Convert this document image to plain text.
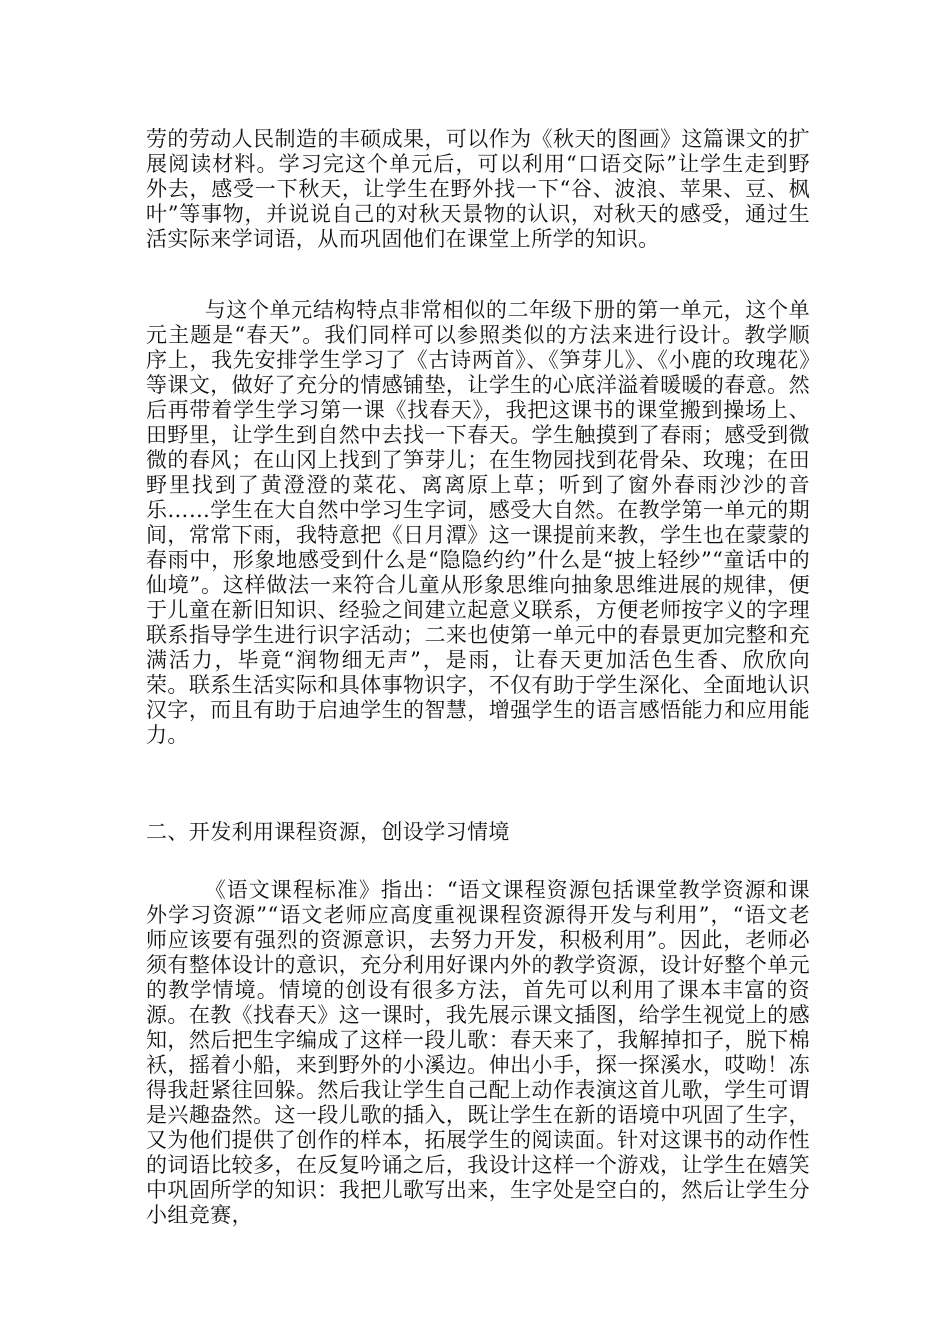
劳的劳动人民制造的丰硕成果，可以作为《秋天的图画》这篇课文的扩展阅读材料。学习完这个单元后，可以利用“口语交际”让学生走到野外去，感受一下秋天，让学生在野外找一下“谷、波浪、苹果、豆、枫叶”等事物，并说说自己的对秋天景物的认识，对秋天的感受，通过生活实际来学词语，从而巩固他们在课堂上所学的知识。

与这个单元结构特点非常相似的二年级下册的第一单元，这个单元主题是“春天”。我们同样可以参照类似的方法来进行设计。教学顺序上，我先安排学生学习了《古诗两首》、《笋芽儿》、《小鹿的玫瑰花》等课文，做好了充分的情感铺垫，让学生的心底洋溢着暖暖的春意。然后再带着学生学习第一课《找春天》，我把这课书的课堂搬到操场上、田野里，让学生到自然中去找一下春天。学生触摸到了春雨；感受到微微的春风；在山冈上找到了笋芽儿；在生物园找到花骨朵、玫瑰；在田野里找到了黄澄澄的菜花、离离原上草；听到了窗外春雨沙沙的音乐……学生在大自然中学习生字词，感受大自然。在教学第一单元的期间，常常下雨，我特意把《日月潭》这一课提前来教，学生也在蒙蒙的春雨中，形象地感受到什么是“隐隐约约”什么是“披上轻纱”“童话中的仙境”。这样做法一来符合儿童从形象思维向抽象思维进展的规律，便于儿童在新旧知识、经验之间建立起意义联系，方便老师按字义的字理联系指导学生进行识字活动；二来也使第一单元中的春景更加完整和充满活力，毕竟“润物细无声”，是雨，让春天更加活色生香、欣欣向荣。联系生活实际和具体事物识字，不仅有助于学生深化、全面地认识汉字，而且有助于启迪学生的智慧，增强学生的语言感悟能力和应用能力。

二、开发利用课程资源，创设学习情境

《语文课程标准》指出：“语文课程资源包括课堂教学资源和课外学习资源”“语文老师应高度重视课程资源得开发与利用”，“语文老师应该要有强烈的资源意识，去努力开发，积极利用”。因此，老师必须有整体设计的意识，充分利用好课内外的教学资源，设计好整个单元的教学情境。情境的创设有很多方法，首先可以利用了课本丰富的资源。在教《找春天》这一课时，我先展示课文插图，给学生视觉上的感知，然后把生字编成了这样一段儿歌：春天来了，我解掉扣子，脱下棉袄，摇着小船，来到野外的小溪边。伸出小手，探一探溪水，哎呦！冻得我赶紧往回躲。然后我让学生自己配上动作表演这首儿歌，学生可谓是兴趣盎然。这一段儿歌的插入，既让学生在新的语境中巩固了生字，又为他们提供了创作的样本，拓展学生的阅读面。针对这课书的动作性的词语比较多，在反复吟诵之后，我设计这样一个游戏，让学生在嬉笑中巩固所学的知识：我把儿歌写出来，生字处是空白的，然后让学生分小组竞赛，
